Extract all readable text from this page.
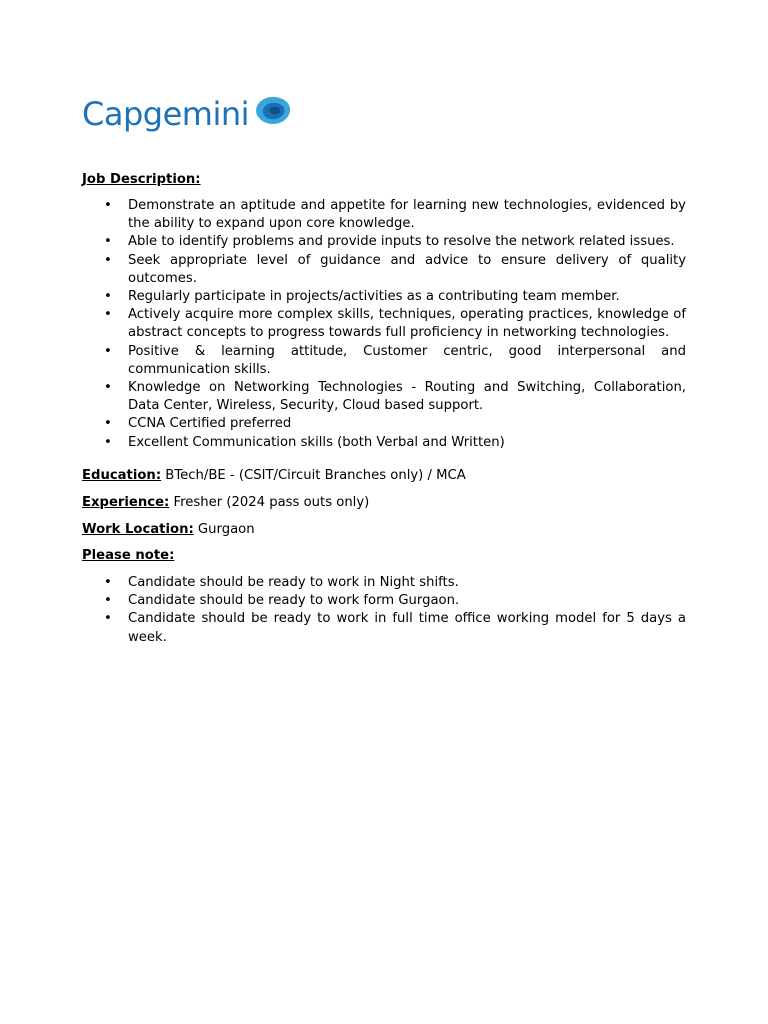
Capgemini
Job Description:
• Demonstrate an aptitude and appetite for learning new technologies, evidenced by the ability to expand upon core knowledge.
• Able to identify problems and provide inputs to resolve the network related issues.
• Seek appropriate level of guidance and advice to ensure delivery of quality outcomes.
• Regularly participate in projects/activities as a contributing team member.
• Actively acquire more complex skills, techniques, operating practices, knowledge of abstract concepts to progress towards full proficiency in networking technologies.
• Positive & learning attitude, Customer centric, good interpersonal and communication skills.
• Knowledge on Networking Technologies - Routing and Switching, Collaboration, Data Center, Wireless, Security, Cloud based support.
• CCNA Certified preferred
• Excellent Communication skills (both Verbal and Written)
Education: BTech/BE - (CSIT/Circuit Branches only) / MCA
Experience: Fresher (2024 pass outs only)
Work Location: Gurgaon
Please note:
• Candidate should be ready to work in Night shifts.
• Candidate should be ready to work form Gurgaon.
• Candidate should be ready to work in full time office working model for 5 days a week.
